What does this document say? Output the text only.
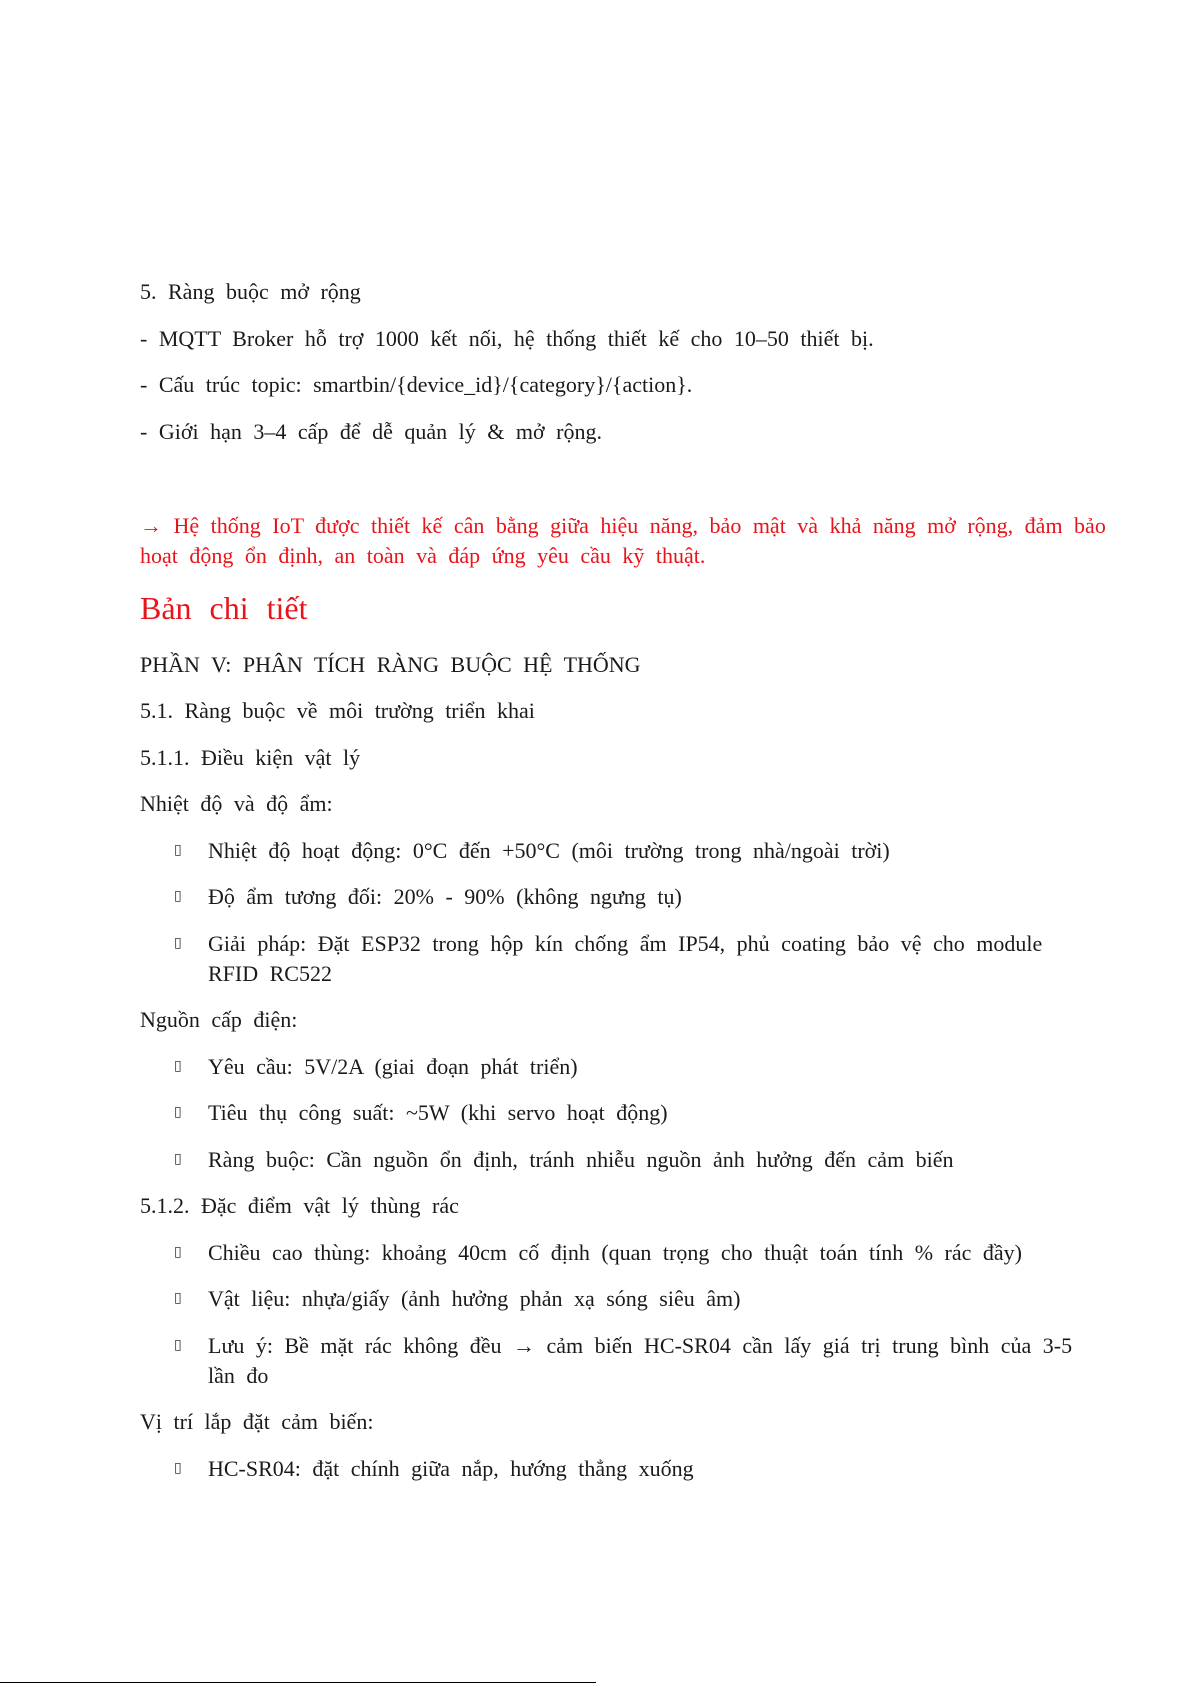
5. Ràng buộc mở rộng
- MQTT Broker hỗ trợ 1000 kết nối, hệ thống thiết kế cho 10–50 thiết bị.
- Cấu trúc topic: smartbin/{device_id}/{category}/{action}.
- Giới hạn 3–4 cấp để dễ quản lý & mở rộng.
→ Hệ thống IoT được thiết kế cân bằng giữa hiệu năng, bảo mật và khả năng mở rộng, đảm bảo
hoạt động ổn định, an toàn và đáp ứng yêu cầu kỹ thuật.
Bản chi tiết
PHẦN V: PHÂN TÍCH RÀNG BUỘC HỆ THỐNG
5.1. Ràng buộc về môi trường triển khai
5.1.1. Điều kiện vật lý
Nhiệt độ và độ ẩm:
▯ Nhiệt độ hoạt động: 0°C đến +50°C (môi trường trong nhà/ngoài trời)
▯ Độ ẩm tương đối: 20% - 90% (không ngưng tụ)
▯ Giải pháp: Đặt ESP32 trong hộp kín chống ẩm IP54, phủ coating bảo vệ cho module
RFID RC522
Nguồn cấp điện:
▯ Yêu cầu: 5V/2A (giai đoạn phát triển)
▯ Tiêu thụ công suất: ~5W (khi servo hoạt động)
▯ Ràng buộc: Cần nguồn ổn định, tránh nhiễu nguồn ảnh hưởng đến cảm biến
5.1.2. Đặc điểm vật lý thùng rác
▯ Chiều cao thùng: khoảng 40cm cố định (quan trọng cho thuật toán tính % rác đầy)
▯ Vật liệu: nhựa/giấy (ảnh hưởng phản xạ sóng siêu âm)
▯ Lưu ý: Bề mặt rác không đều → cảm biến HC-SR04 cần lấy giá trị trung bình của 3-5
lần đo
Vị trí lắp đặt cảm biến:
▯ HC-SR04: đặt chính giữa nắp, hướng thẳng xuống
